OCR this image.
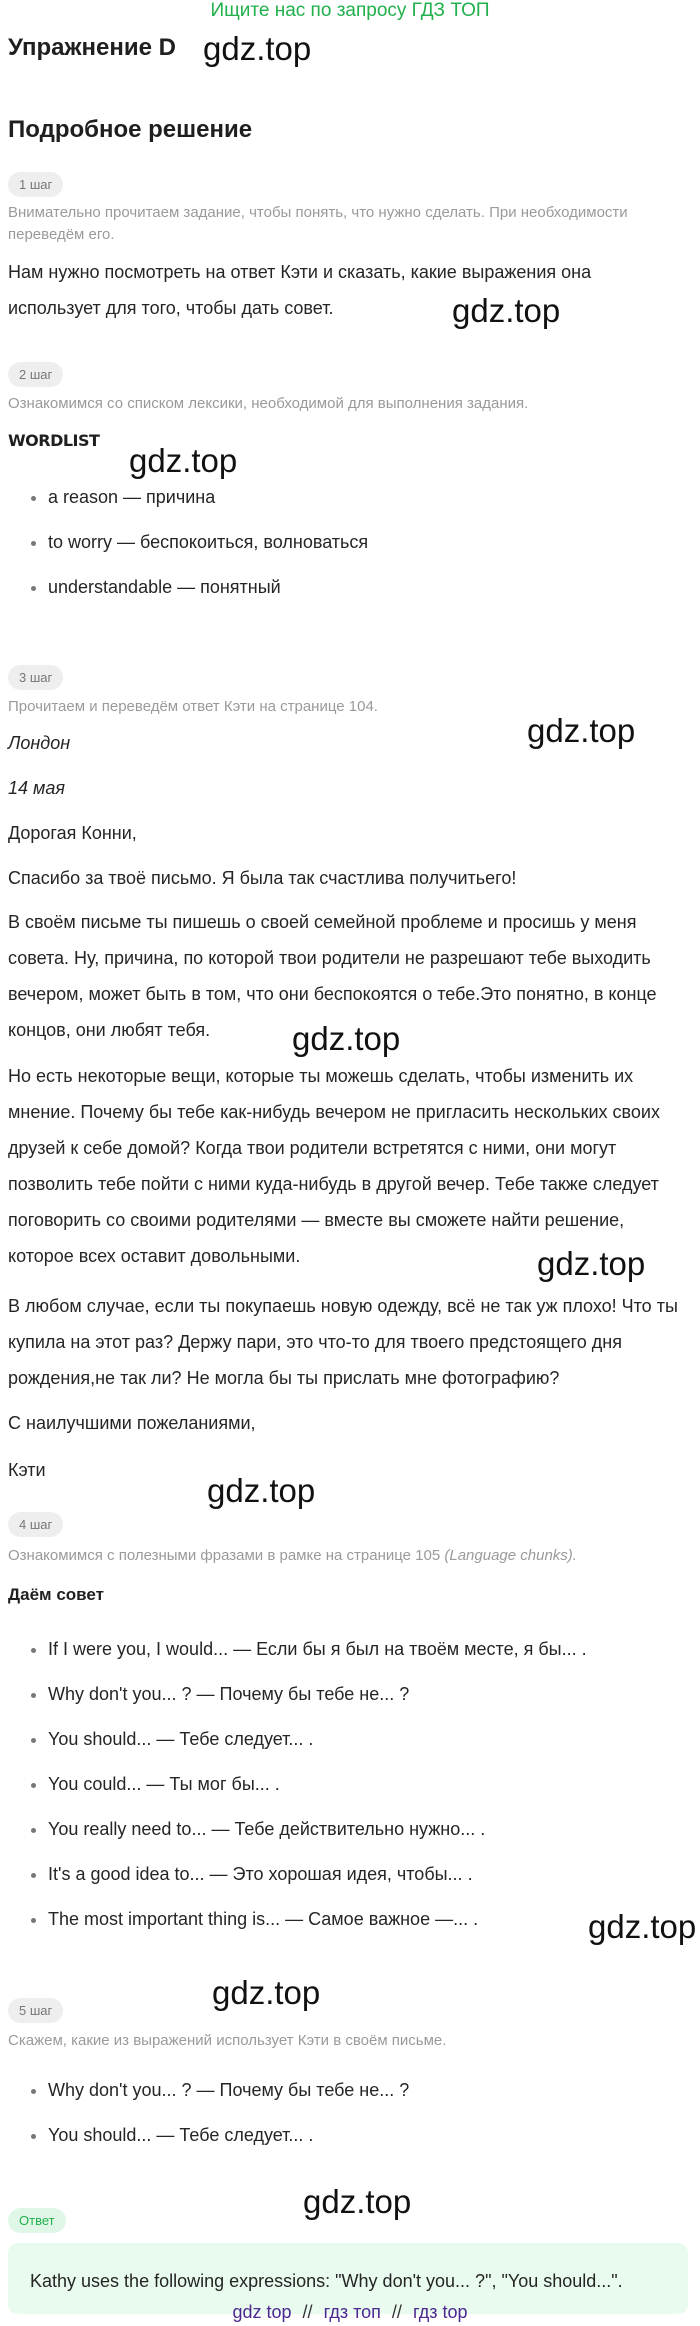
Ищите нас по запросу ГДЗ ТОП
Упражнение D
Подробное решение
gdz.top
gdz.top
gdz.top
gdz.top
gdz.top
gdz.top
gdz.top
gdz.top
gdz.top
gdz.top
1 шаг
Внимательно прочитаем задание, чтобы понять, что нужно сделать. При необходимости переведём его.
Нам нужно посмотреть на ответ Кэти и сказать, какие выражения она использует для того, чтобы дать совет.
2 шаг
Ознакомимся со списком лексики, необходимой для выполнения задания.
WORDLIST
• a reason — причина
• to worry — беспокоиться, волноваться
• understandable — понятный
3 шаг
Прочитаем и переведём ответ Кэти на странице 104.
Лондон
14 мая
Дорогая Конни,
Спасибо за твоё письмо. Я была так счастлива получитьего!
В своём письме ты пишешь о своей семейной проблеме и просишь у меня совета. Ну, причина, по которой твои родители не разрешают тебе выходить вечером, может быть в том, что они беспокоятся о тебе.Это понятно, в конце концов, они любят тебя.
Но есть некоторые вещи, которые ты можешь сделать, чтобы изменить их мнение. Почему бы тебе как-нибудь вечером не пригласить нескольких своих друзей к себе домой? Когда твои родители встретятся с ними, они могут позволить тебе пойти с ними куда-нибудь в другой вечер. Тебе также следует поговорить со своими родителями — вместе вы сможете найти решение, которое всех оставит довольными.
В любом случае, если ты покупаешь новую одежду, всё не так уж плохо! Что ты купила на этот раз? Держу пари, это что-то для твоего предстоящего дня рождения,не так ли? Не могла бы ты прислать мне фотографию?
С наилучшими пожеланиями,
Кэти
4 шаг
Ознакомимся с полезными фразами в рамке на странице 105 (Language chunks).
Даём совет
• If I were you, I would... — Если бы я был на твоём месте, я бы... .
• Why don't you... ? — Почему бы тебе не... ?
• You should... — Тебе следует... .
• You could... — Ты мог бы... .
• You really need to... — Тебе действительно нужно... .
• It's a good idea to... — Это хорошая идея, чтобы... .
• The most important thing is... — Самое важное —... .
5 шаг
Скажем, какие из выражений использует Кэти в своём письме.
• Why don't you... ? — Почему бы тебе не... ?
• You should... — Тебе следует... .
Ответ
Kathy uses the following expressions: "Why don't you... ?", "You should...".
gdz top // гдз топ // гдз top
